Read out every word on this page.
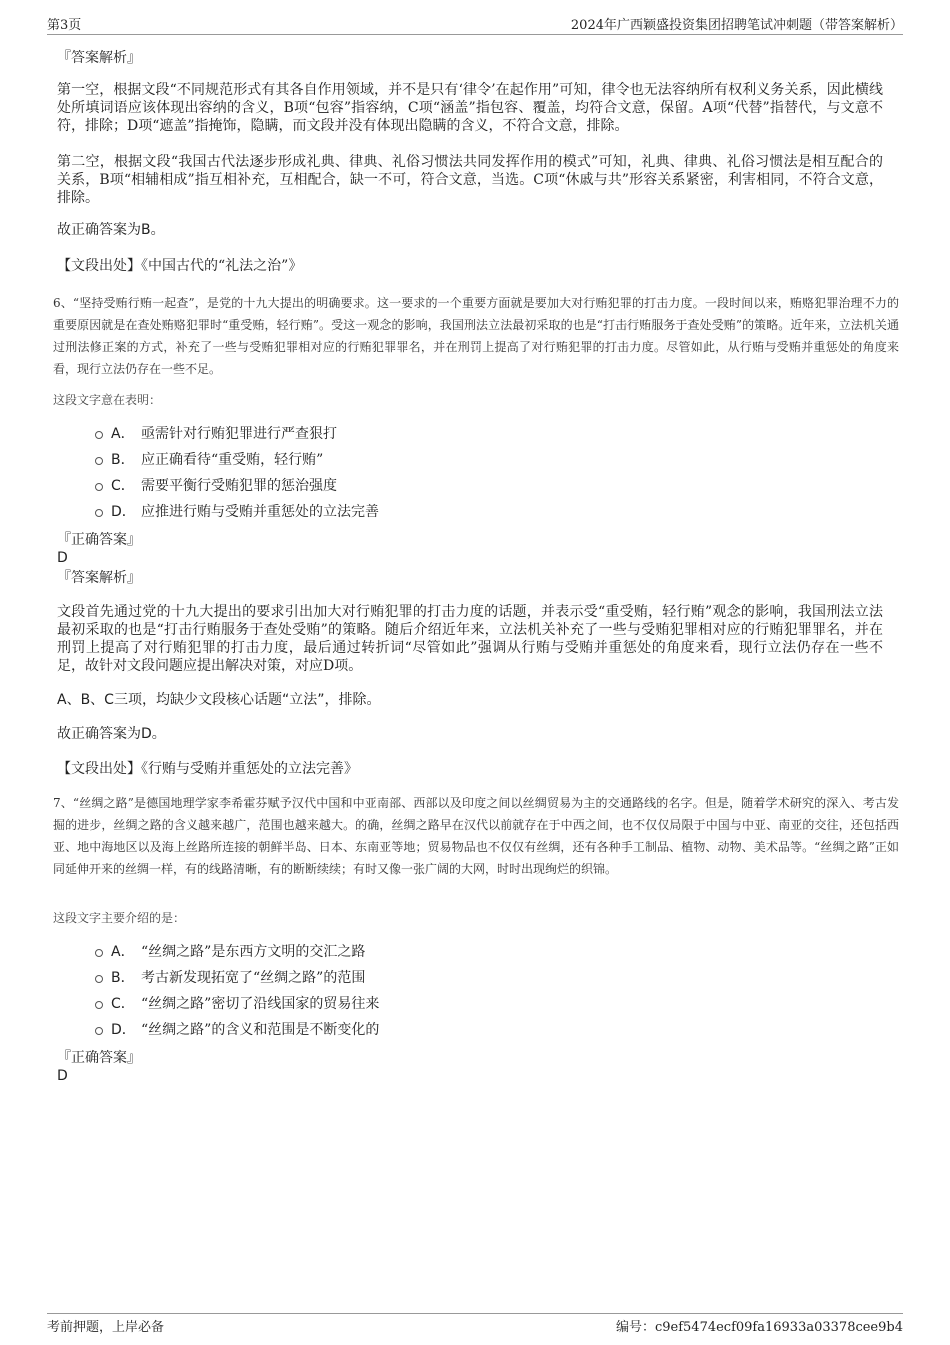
第3页	2024年广西颖盛投资集团招聘笔试冲刺题（带答案解析）
『答案解析』
第一空，根据文段“不同规范形式有其各自作用领域，并不是只有‘律令’在起作用”可知，律令也无法容纳所有权利义务关系，因此横线处所填词语应该体现出容纳的含义，B项“包容”指容纳，C项“涵盖”指包容、覆盖，均符合文意，保留。A项“代替”指替代，与文意不符，排除；D项“遮盖”指掩饰，隐瞒，而文段并没有体现出隐瞒的含义，不符合文意，排除。
第二空，根据文段“我国古代法逐步形成礼典、律典、礼俗习惯法共同发挥作用的模式”可知，礼典、律典、礼俗习惯法是相互配合的关系，B项“相辅相成”指互相补充，互相配合，缺一不可，符合文意，当选。C项“休戚与共”形容关系紧密，利害相同，不符合文意，排除。
故正确答案为B。
【文段出处】《中国古代的“礼法之治”》
6、“坚持受贿行贿一起查”，是党的十九大提出的明确要求。这一要求的一个重要方面就是要加大对行贿犯罪的打击力度。一段时间以来，贿赂犯罪治理不力的重要原因就是在查处贿赂犯罪时“重受贿，轻行贿”。受这一观念的影响，我国刑法立法最初采取的也是“打击行贿服务于查处受贿”的策略。近年来，立法机关通过刑法修正案的方式，补充了一些与受贿犯罪相对应的行贿犯罪罪名，并在刑罚上提高了对行贿犯罪的打击力度。尽管如此，从行贿与受贿并重惩处的角度来看，现行立法仍存在一些不足。
这段文字意在表明：
A． 亟需针对行贿犯罪进行严查狠打
B． 应正确看待“重受贿，轻行贿”
C． 需要平衡行受贿犯罪的惩治强度
D． 应推进行贿与受贿并重惩处的立法完善
『正确答案』
D
『答案解析』
文段首先通过党的十九大提出的要求引出加大对行贿犯罪的打击力度的话题，并表示受“重受贿，轻行贿”观念的影响，我国刑法立法最初采取的也是“打击行贿服务于查处受贿”的策略。随后介绍近年来，立法机关补充了一些与受贿犯罪相对应的行贿犯罪罪名，并在刑罚上提高了对行贿犯罪的打击力度，最后通过转折词“尽管如此”强调从行贿与受贿并重惩处的角度来看，现行立法仍存在一些不足，故针对文段问题应提出解决对策，对应D项。
A、B、C三项，均缺少文段核心话题“立法”，排除。
故正确答案为D。
【文段出处】《行贿与受贿并重惩处的立法完善》
7、“丝绸之路”是德国地理学家李希霍芬赋予汉代中国和中亚南部、西部以及印度之间以丝绸贸易为主的交通路线的名字。但是，随着学术研究的深入、考古发掘的进步，丝绸之路的含义越来越广，范围也越来越大。的确，丝绸之路早在汉代以前就存在于中西之间，也不仅仅局限于中国与中亚、南亚的交往，还包括西亚、地中海地区以及海上丝路所连接的朝鲜半岛、日本、东南亚等地；贸易物品也不仅仅有丝绸，还有各种手工制品、植物、动物、美术品等。“丝绸之路”正如同延伸开来的丝绸一样，有的线路清晰，有的断断续续；有时又像一张广阔的大网，时时出现绚烂的织锦。
这段文字主要介绍的是：
A． “丝绸之路”是东西方文明的交汇之路
B． 考古新发现拓宽了“丝绸之路”的范围
C． “丝绸之路”密切了沿线国家的贸易往来
D． “丝绸之路”的含义和范围是不断变化的
『正确答案』
D
考前押题，上岸必备	编号：c9ef5474ecf09fa16933a03378cee9b4
